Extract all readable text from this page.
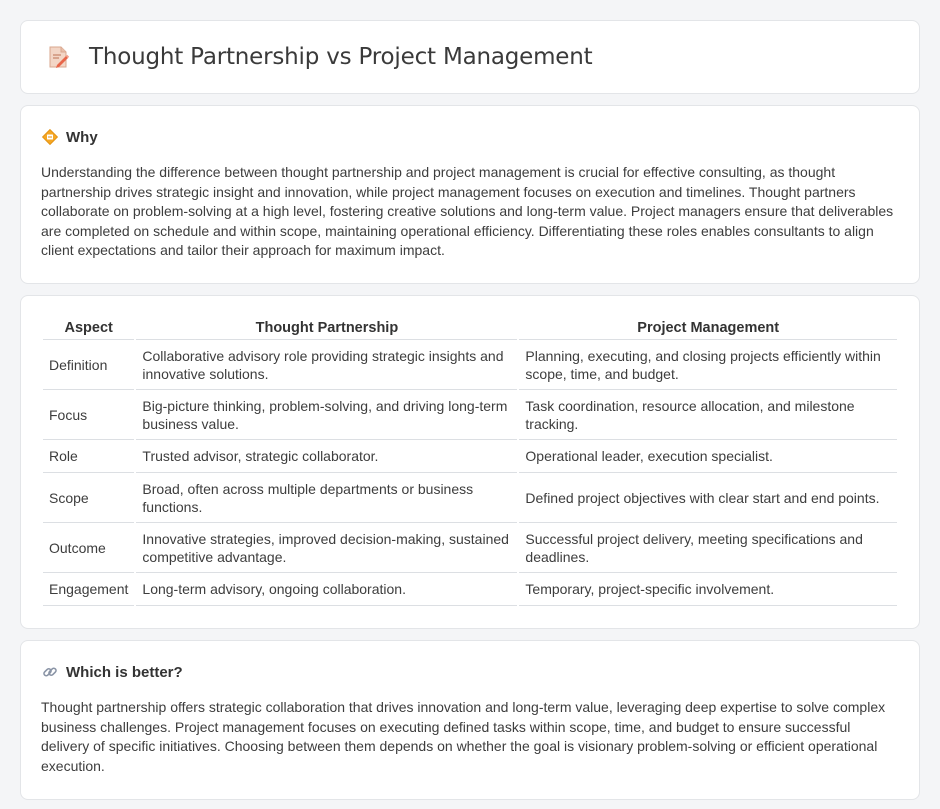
Thought Partnership vs Project Management
Why

Understanding the difference between thought partnership and project management is crucial for effective consulting, as thought partnership drives strategic insight and innovation, while project management focuses on execution and timelines. Thought partners collaborate on problem-solving at a high level, fostering creative solutions and long-term value. Project managers ensure that deliverables are completed on schedule and within scope, maintaining operational efficiency. Differentiating these roles enables consultants to align client expectations and tailor their approach for maximum impact.

Aspect	Thought Partnership	Project Management
Definition	Collaborative advisory role providing strategic insights and innovative solutions.	Planning, executing, and closing projects efficiently within scope, time, and budget.
Focus	Big-picture thinking, problem-solving, and driving long-term business value.	Task coordination, resource allocation, and milestone tracking.
Role	Trusted advisor, strategic collaborator.	Operational leader, execution specialist.
Scope	Broad, often across multiple departments or business functions.	Defined project objectives with clear start and end points.
Outcome	Innovative strategies, improved decision-making, sustained competitive advantage.	Successful project delivery, meeting specifications and deadlines.
Engagement	Long-term advisory, ongoing collaboration.	Temporary, project-specific involvement.
Which is better?

Thought partnership offers strategic collaboration that drives innovation and long-term value, leveraging deep expertise to solve complex business challenges. Project management focuses on executing defined tasks within scope, time, and budget to ensure successful delivery of specific initiatives. Choosing between them depends on whether the goal is visionary problem-solving or efficient operational execution.
